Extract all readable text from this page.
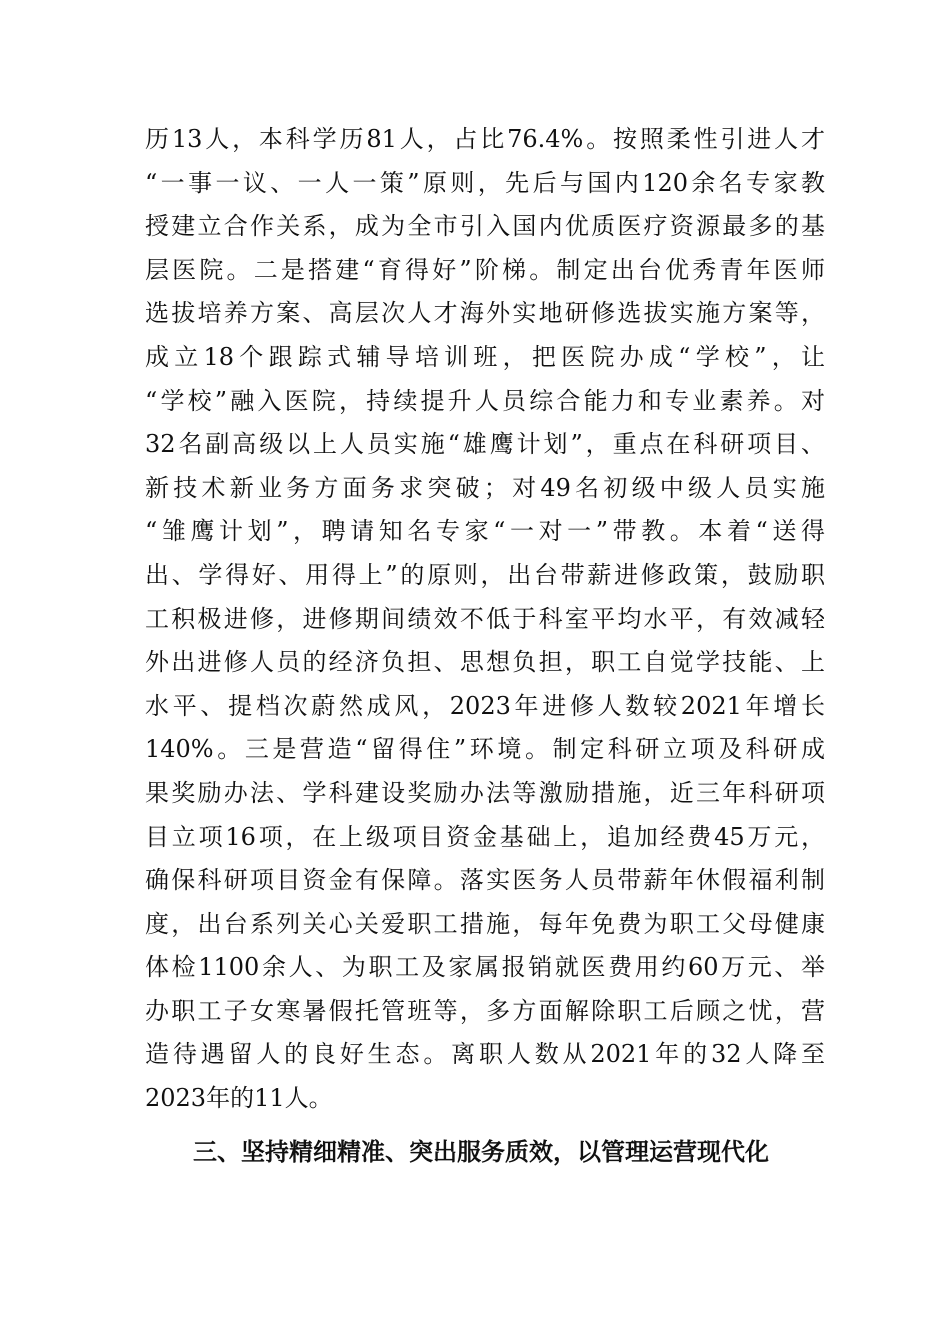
历13人，本科学历81人，占比76.4%。按照柔性引进人才
“一事一议、一人一策”原则，先后与国内120余名专家教
授建立合作关系，成为全市引入国内优质医疗资源最多的基
层医院。二是搭建“育得好”阶梯。制定出台优秀青年医师
选拔培养方案、高层次人才海外实地研修选拔实施方案等，
成立18个跟踪式辅导培训班，把医院办成“学校”，让
“学校”融入医院，持续提升人员综合能力和专业素养。对
32名副高级以上人员实施“雄鹰计划”，重点在科研项目、
新技术新业务方面务求突破；对49名初级中级人员实施
“雏鹰计划”，聘请知名专家“一对一”带教。本着“送得
出、学得好、用得上”的原则，出台带薪进修政策，鼓励职
工积极进修，进修期间绩效不低于科室平均水平，有效减轻
外出进修人员的经济负担、思想负担，职工自觉学技能、上
水平、提档次蔚然成风，2023年进修人数较2021年增长
140%。三是营造“留得住”环境。制定科研立项及科研成
果奖励办法、学科建设奖励办法等激励措施，近三年科研项
目立项16项，在上级项目资金基础上，追加经费45万元，
确保科研项目资金有保障。落实医务人员带薪年休假福利制
度，出台系列关心关爱职工措施，每年免费为职工父母健康
体检1100余人、为职工及家属报销就医费用约60万元、举
办职工子女寒暑假托管班等，多方面解除职工后顾之忧，营
造待遇留人的良好生态。离职人数从2021年的32人降至
2023年的11人。
三、坚持精细精准、突出服务质效，以管理运营现代化
